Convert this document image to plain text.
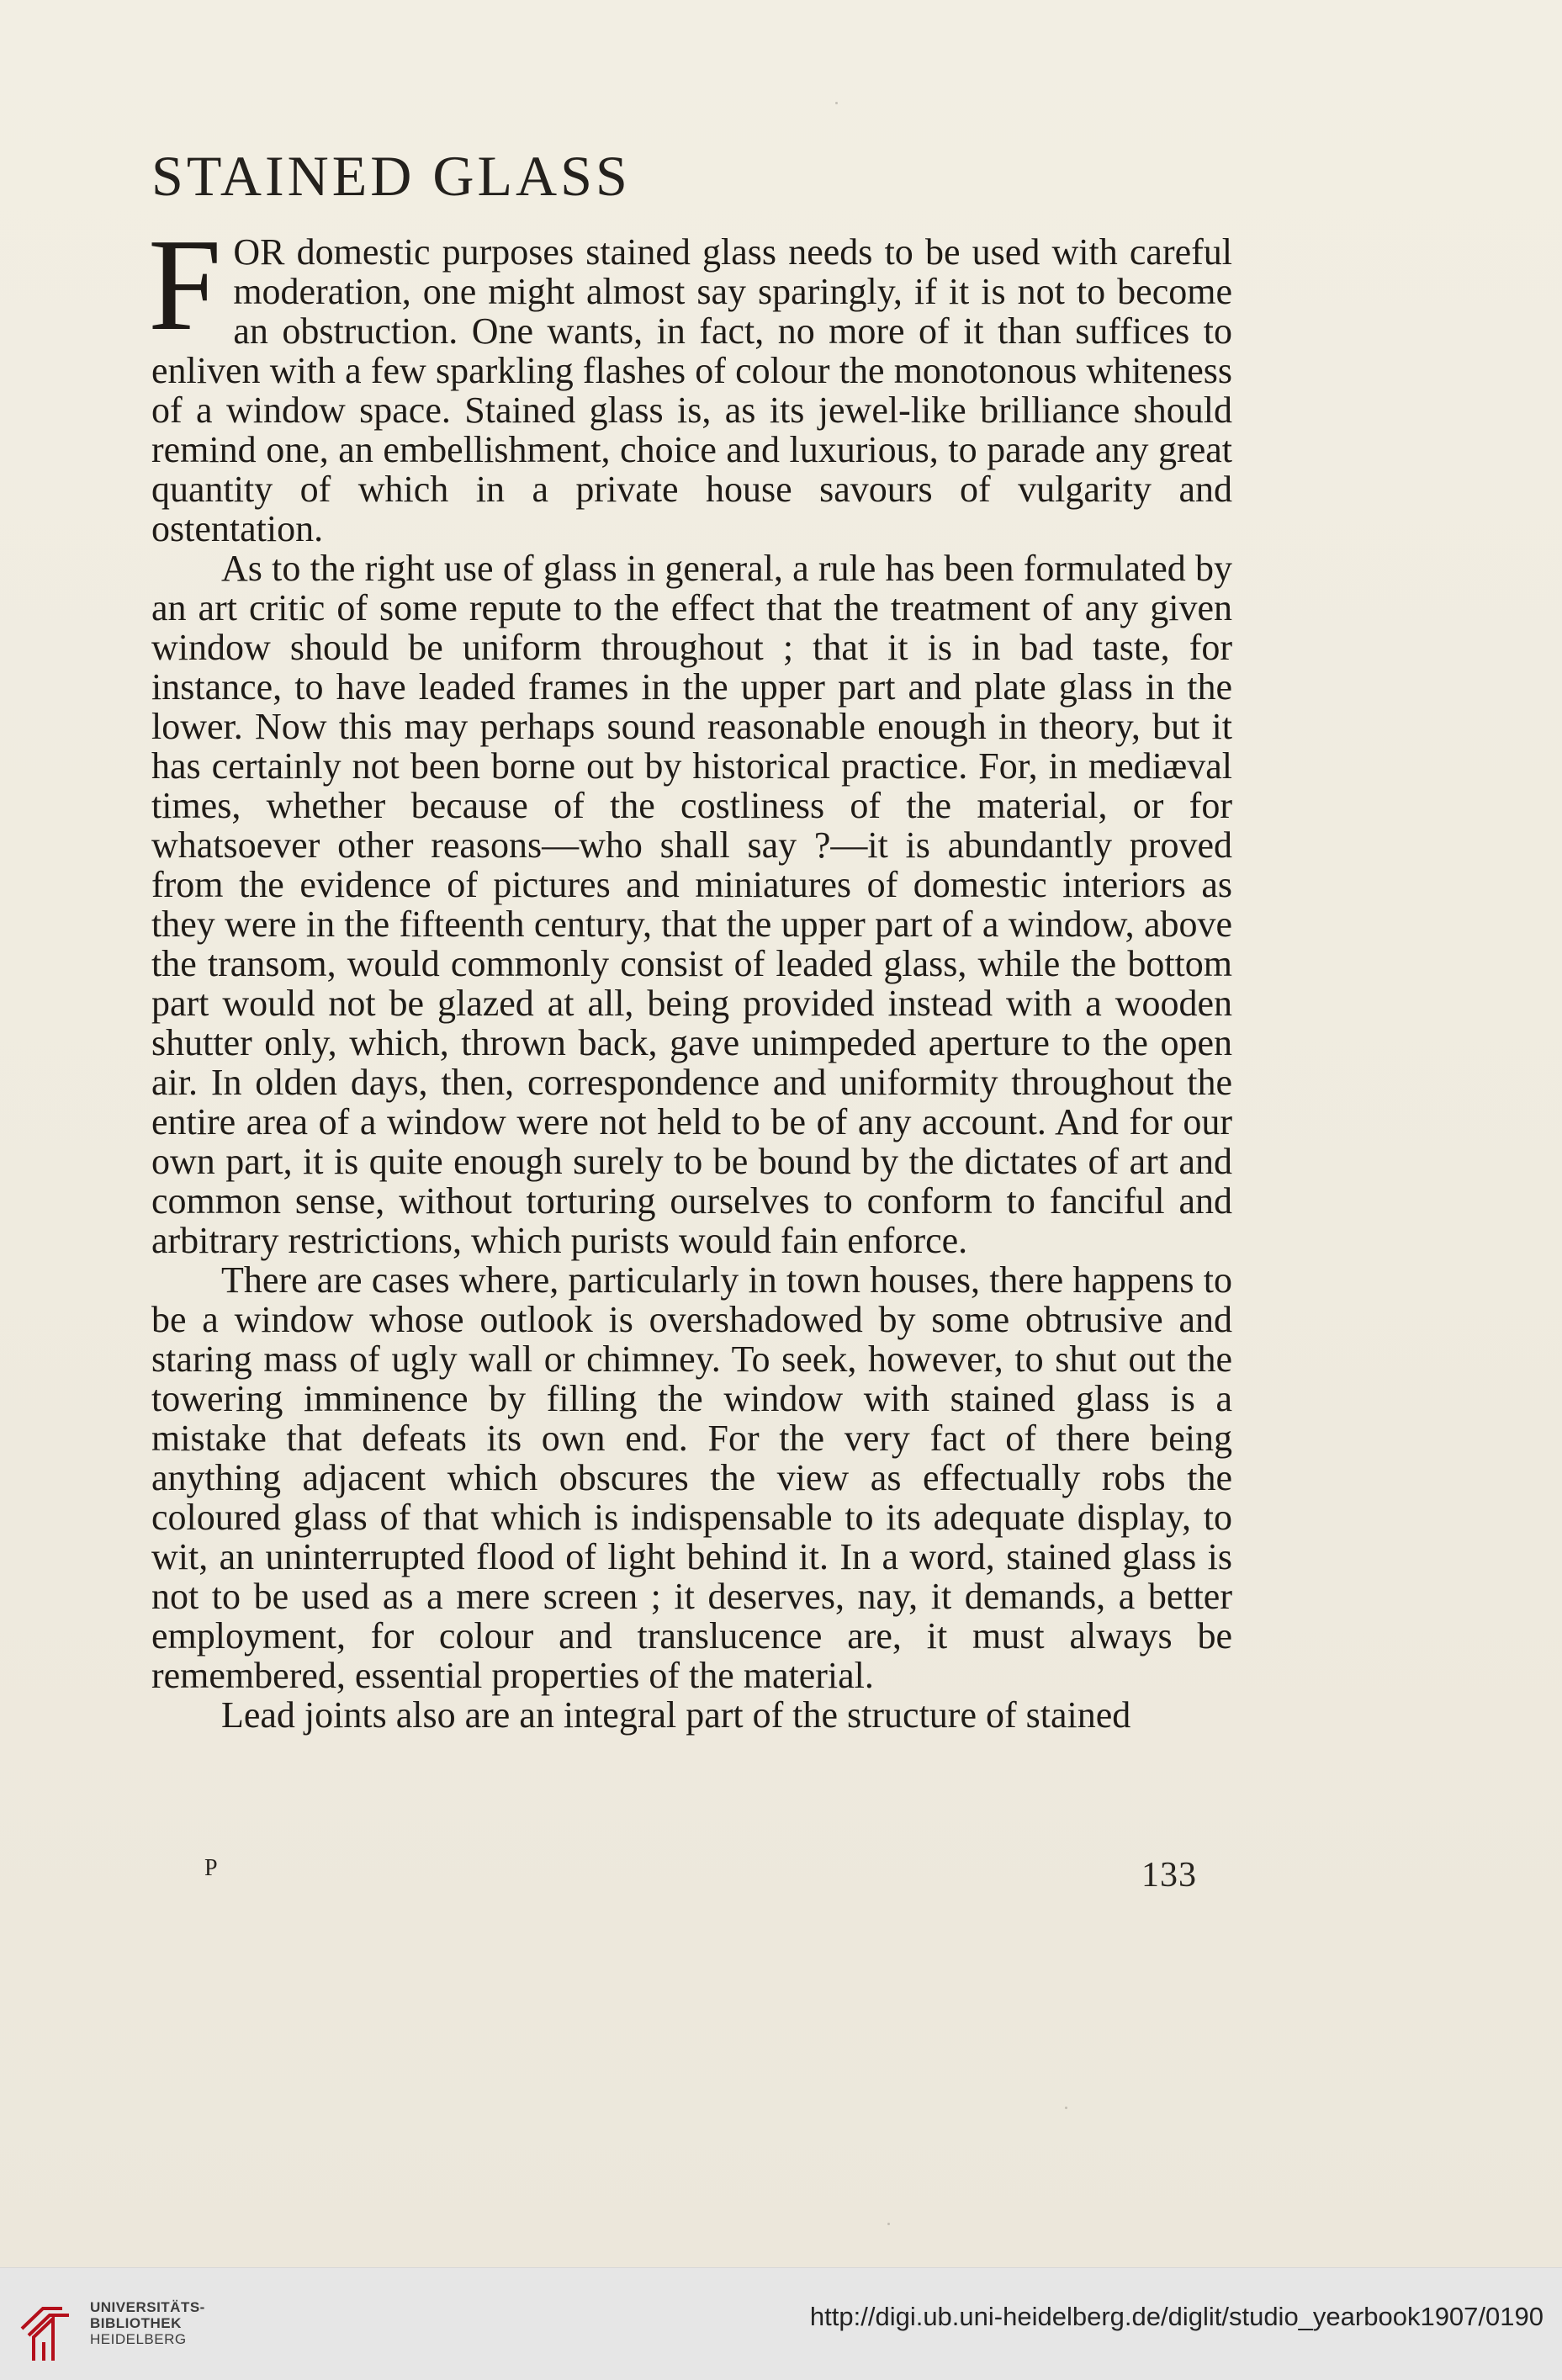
STAINED GLASS

F OR domestic purposes stained glass needs to be used with careful moderation, one might almost say sparingly, if it is not to become an obstruction. One wants, in fact, no more of it than suffices to enliven with a few sparkling flashes of colour the monotonous whiteness of a window space. Stained glass is, as its jewel-like brilliance should remind one, an embellishment, choice and luxurious, to parade any great quantity of which in a private house savours of vulgarity and ostentation.

As to the right use of glass in general, a rule has been formulated by an art critic of some repute to the effect that the treatment of any given window should be uniform throughout ; that it is in bad taste, for instance, to have leaded frames in the upper part and plate glass in the lower. Now this may perhaps sound reasonable enough in theory, but it has certainly not been borne out by historical practice. For, in mediæval times, whether because of the costliness of the material, or for whatsoever other reasons—who shall say ?—it is abundantly proved from the evidence of pictures and miniatures of domestic interiors as they were in the fifteenth century, that the upper part of a window, above the transom, would commonly consist of leaded glass, while the bottom part would not be glazed at all, being provided instead with a wooden shutter only, which, thrown back, gave unimpeded aperture to the open air. In olden days, then, correspondence and uniformity throughout the entire area of a window were not held to be of any account. And for our own part, it is quite enough surely to be bound by the dictates of art and common sense, without torturing ourselves to conform to fanciful and arbitrary restrictions, which purists would fain enforce.

There are cases where, particularly in town houses, there happens to be a window whose outlook is overshadowed by some obtrusive and staring mass of ugly wall or chimney. To seek, however, to shut out the towering imminence by filling the window with stained glass is a mistake that defeats its own end. For the very fact of there being anything adjacent which obscures the view as effectually robs the coloured glass of that which is indispensable to its adequate display, to wit, an uninterrupted flood of light behind it. In a word, stained glass is not to be used as a mere screen ; it deserves, nay, it demands, a better employment, for colour and translucence are, it must always be remembered, essential properties of the material.

Lead joints also are an integral part of the structure of stained

P	133
UNIVERSITÄTS-
BIBLIOTHEK
HEIDELBERG
http://digi.ub.uni-heidelberg.de/diglit/studio_yearbook1907/0190
